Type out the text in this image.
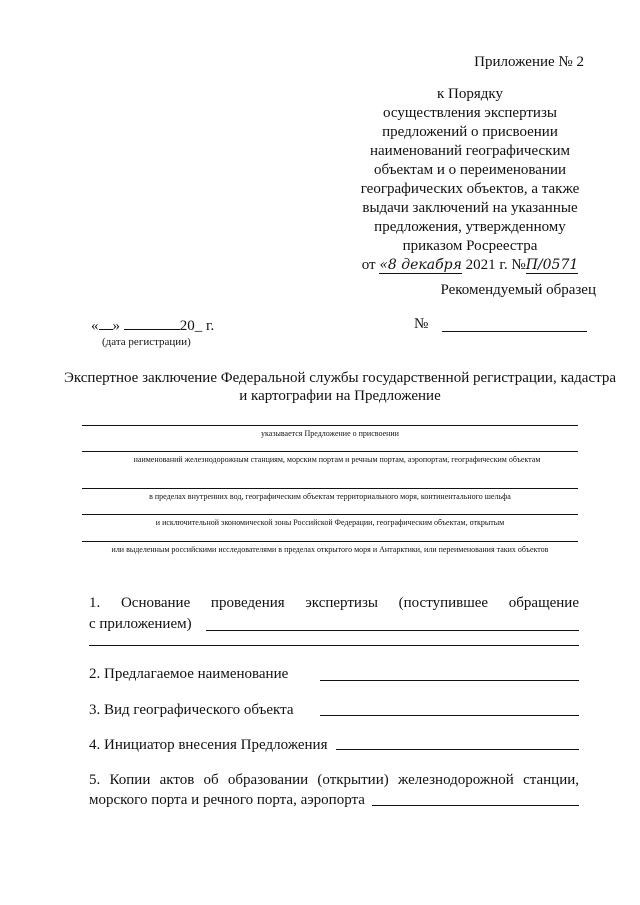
Приложение № 2
к Порядку
осуществления экспертизы
предложений о присвоении
наименований географическим
объектам и о переименовании
географических объектов, а также
выдачи заключений на указанные
предложения, утвержденному
приказом Росреестра
от «8 декабря 2021 г. №П/0571
Рекомендуемый образец
« »	20_ г.
(дата регистрации)
№
Экспертное заключение Федеральной службы государственной регистрации, кадастра и картографии на Предложение
указывается Предложение о присвоении
наименований железнодорожным станциям, морским портам и речным портам, аэропортам, географическим объектам
в пределах внутренних вод, географическим объектам территориального моря, континентального шельфа
и исключительной экономической зоны Российской Федерации, географическим объектам, открытым
или выделенным российскими исследователями в пределах открытого моря и Антарктики, или переименования таких объектов
1. Основание проведения экспертизы (поступившее обращение
с приложением)
2. Предлагаемое наименование
3. Вид географического объекта
4. Инициатор внесения Предложения
5. Копии актов об образовании (открытии) железнодорожной станции,
морского порта и речного порта, аэропорта
